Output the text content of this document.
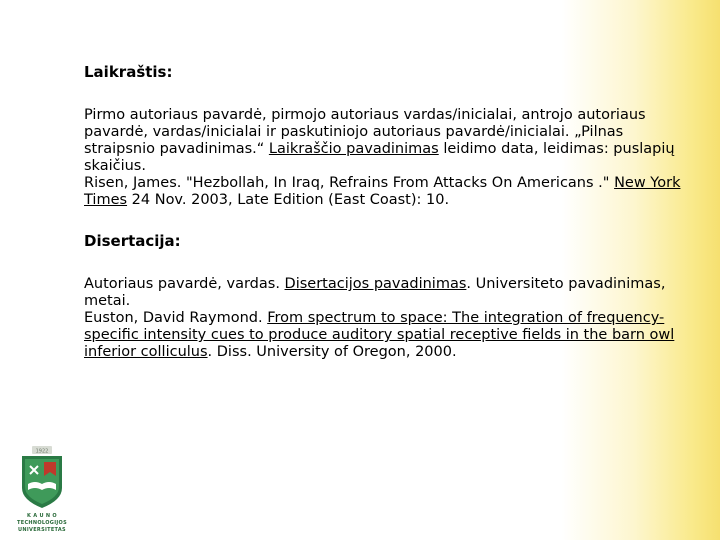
Laikraštis:

Pirmo autoriaus pavardė, pirmojo autoriaus vardas/inicialai, antrojo autoriaus pavardė, vardas/inicialai ir paskutiniojo autoriaus pavardė/inicialai. „Pilnas straipsnio pavadinimas.“ Laikraščio pavadinimas leidimo data, leidimas: puslapių skaičius.

Risen, James. "Hezbollah, In Iraq, Refrains From Attacks On Americans ." New York Times 24 Nov. 2003, Late Edition (East Coast): 10.

Disertacija:

Autoriaus pavardė, vardas. Disertacijos pavadinimas. Universiteto pavadinimas, metai.

Euston, David Raymond. From spectrum to space: The integration of frequency-specific intensity cues to produce auditory spatial receptive fields in the barn owl inferior colliculus. Diss. University of Oregon, 2000.

1922
K A U N O
TECHNOLOGIJOS
UNIVERSITETAS
